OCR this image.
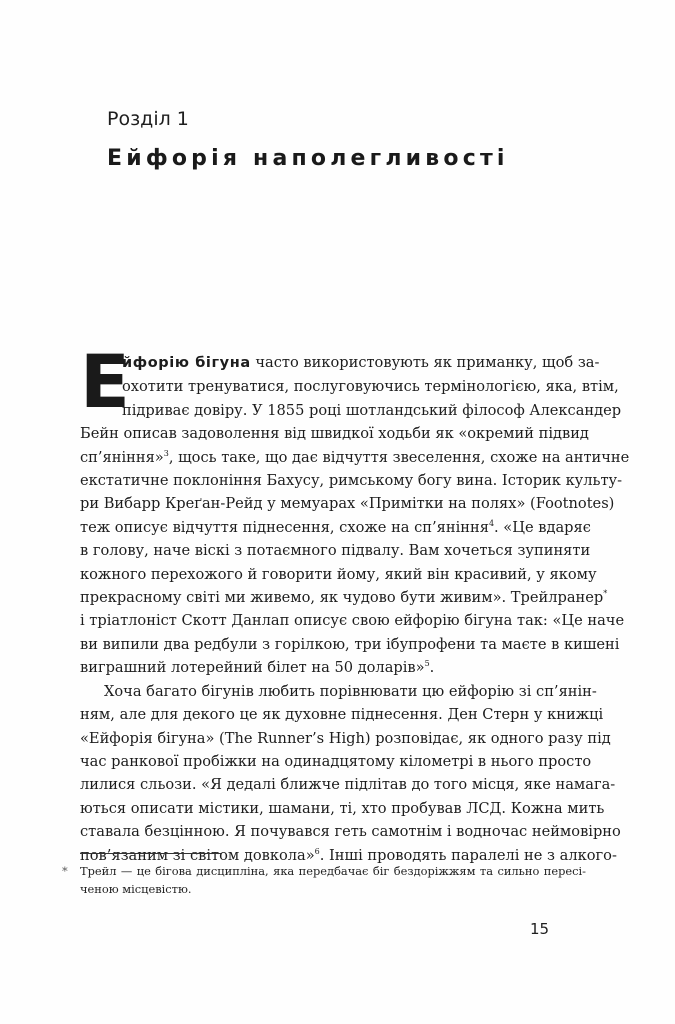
Розділ 1
Ейфорія наполегливості
Е
йфорію бігуна часто використовують як приманку, щоб за-
охотити тренуватися, послуговуючись термінологією, яка, втім,
підриває довіру. У 1855 році шотландський філософ Александер
Бейн описав задоволення від швидкої ходьби як «окремий підвид
сп’яніння»$^3$, щось таке, що дає відчуття звеселення, схоже на античне
екстатичне поклоніння Бахусу, римському богу вина. Історик культу-
ри Вибарр Креґан-Рейд у мемуарах «Примітки на полях» (Footnotes)
теж описує відчуття піднесення, схоже на сп’яніння$^4$. «Це вдаряє
в голову, наче віскі з потаємного підвалу. Вам хочеться зупиняти
кожного перехожого й говорити йому, який він красивий, у якому
прекрасному світі ми живемо, як чудово бути живим». Трейлранер*
і тріатлоніст Скотт Данлап описує свою ейфорію бігуна так: «Це наче
ви випили два редбули з горілкою, три ібупрофени та маєте в кишені
виграшний лотерейний білет на 50 доларів»$^5$.
Хоча багато бігунів любить порівнювати цю ейфорію зі сп’янін-
ням, але для декого це як духовне піднесення. Ден Стерн у книжці
«Ейфорія бігуна» (The Runner’s High) розповідає, як одного разу під
час ранкової пробіжки на одинадцятому кілометрі в нього просто
лилися сльози. «Я дедалі ближче підлітав до того місця, яке намага-
ються описати містики, шамани, ті, хто пробував ЛСД. Кожна мить
ставала безцінною. Я почувався геть самотнім і водночас неймовірно
пов’язаним зі світом довкола»$^6$. Інші проводять паралелі не з алкого-
* Трейл — це бігова дисципліна, яка передбачає біг бездоріжжям та сильно пересі-
ченою місцевістю.
15
